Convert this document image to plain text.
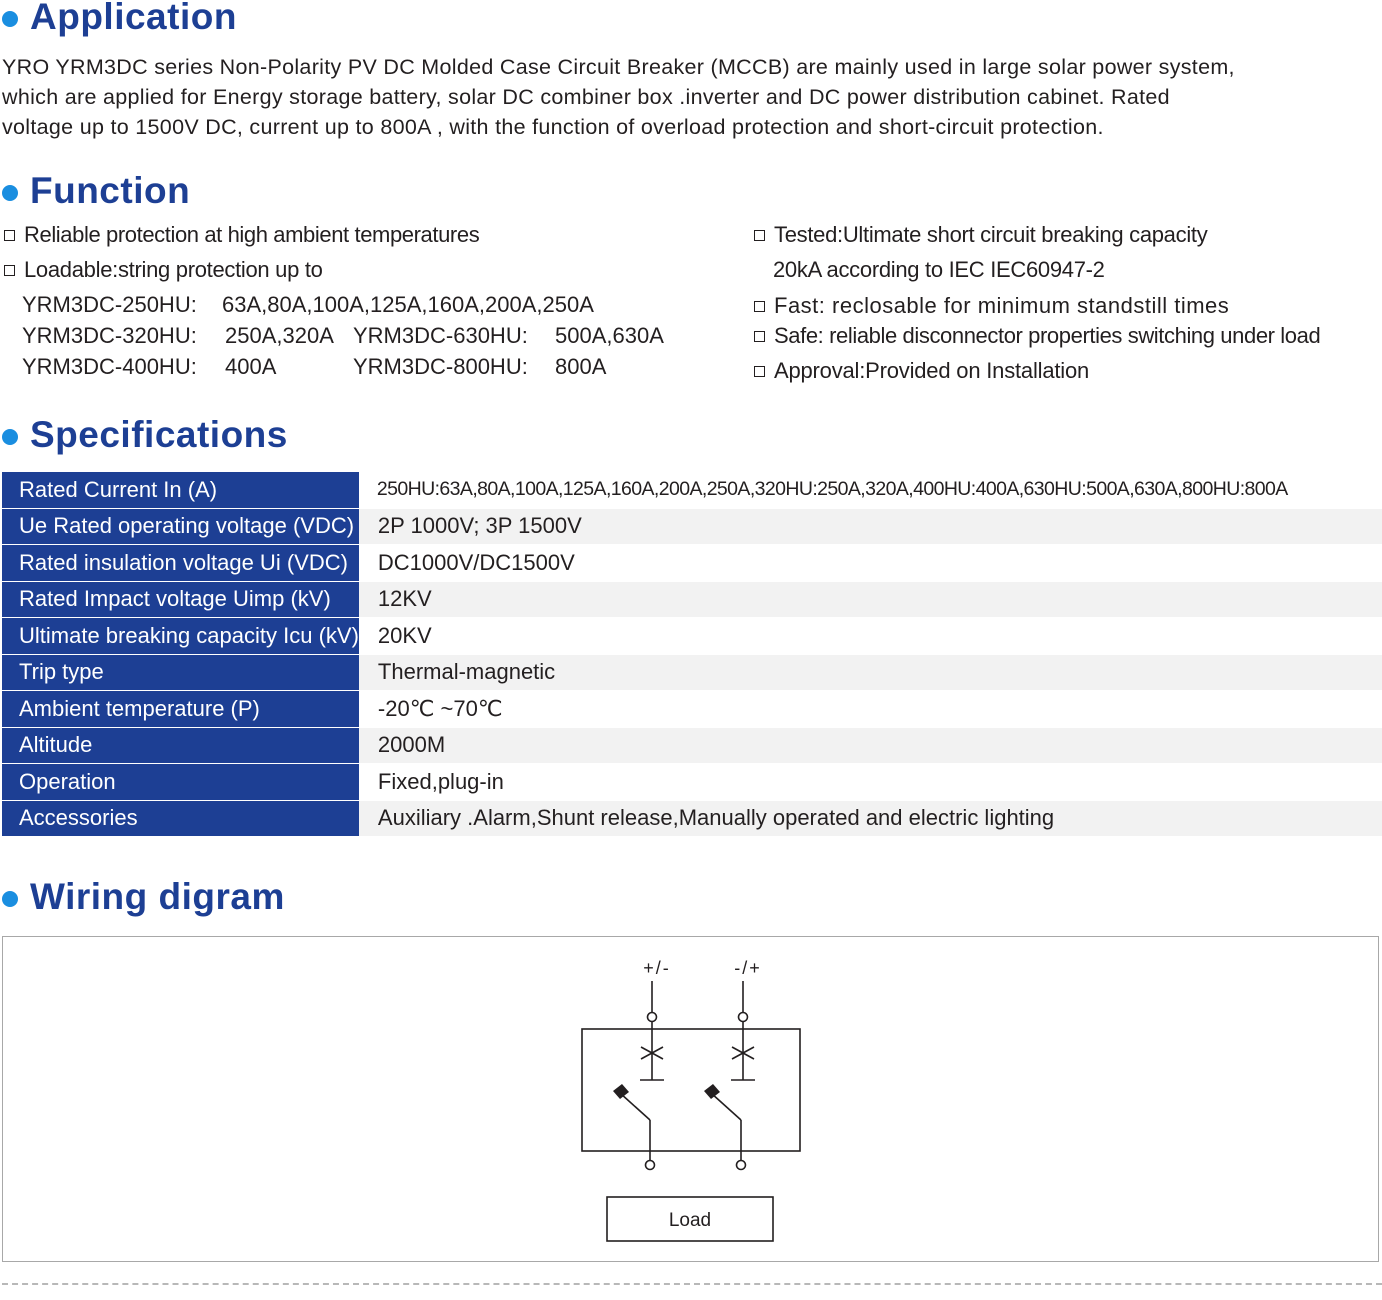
Application
YRO YRM3DC series Non-Polarity PV DC Molded Case Circuit Breaker (MCCB) are mainly used in large solar power system,
which are applied for Energy storage battery, solar DC combiner box .inverter and DC power distribution cabinet. Rated
voltage up to 1500V DC, current up to 800A , with the function of overload protection and short-circuit protection.
Function
Reliable protection at high ambient temperatures
Loadable:string protection up to
YRM3DC-250HU: 63A,80A,100A,125A,160A,200A,250A
YRM3DC-320HU: 250A,320A YRM3DC-630HU: 500A,630A
YRM3DC-400HU: 400A	YRM3DC-800HU: 800A
Tested:Ultimate short circuit breaking capacity
20kA according to IEC IEC60947-2
Fast: reclosable for minimum standstill times
Safe: reliable disconnector properties switching under load
Approval:Provided on Installation
Specifications
Rated Current In (A)	250HU:63A,80A,100A,125A,160A,200A,250A,320HU:250A,320A,400HU:400A,630HU:500A,630A,800HU:800A
Ue Rated operating voltage (VDC)	2P 1000V; 3P 1500V
Rated insulation voltage Ui (VDC)	DC1000V/DC1500V
Rated Impact voltage Uimp (kV)	12KV
Ultimate breaking capacity Icu (kV)	20KV
Trip type	Thermal-magnetic
Ambient temperature (P)	-20℃ ~70℃
Altitude	2000M
Operation	Fixed,plug-in
Accessories	Auxiliary .Alarm,Shunt release,Manually operated and electric lighting
Wiring digram
+/-	-/+
Load
